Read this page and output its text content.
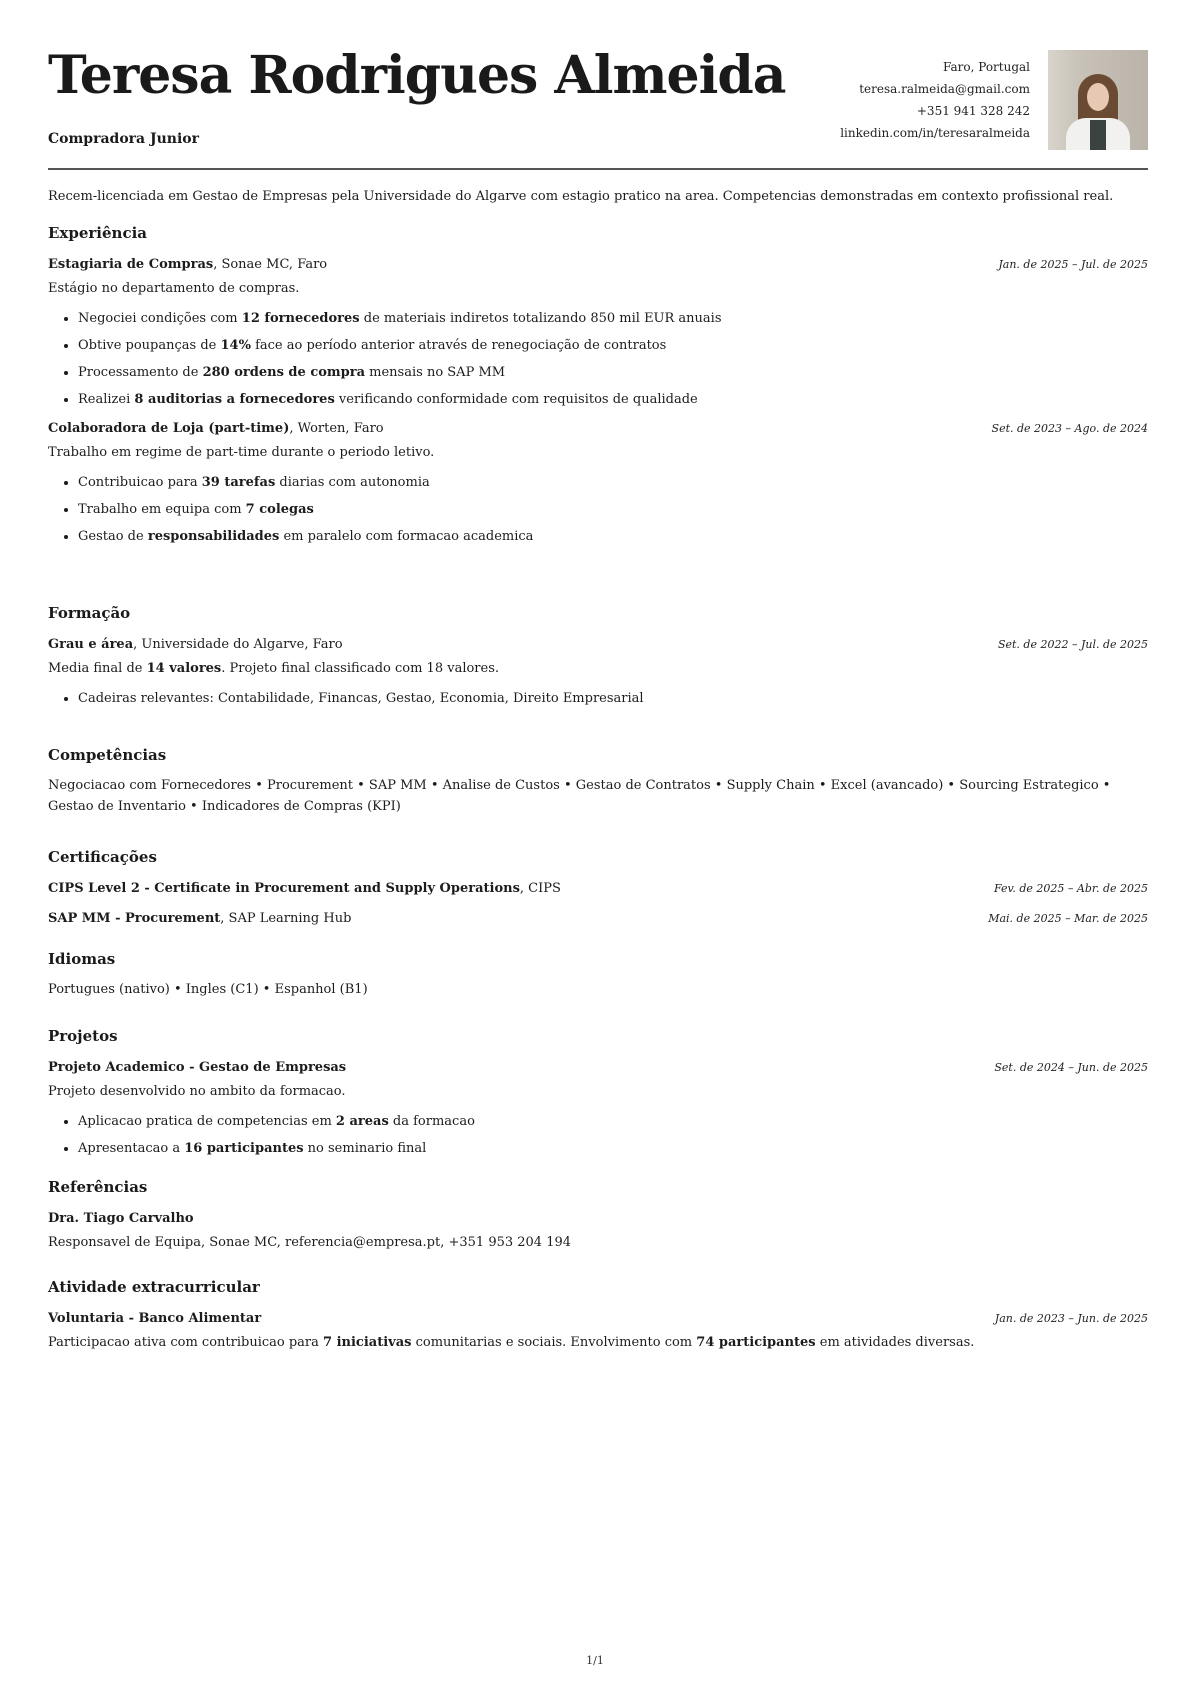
Teresa Rodrigues Almeida
Compradora Junior
Faro, Portugal
teresa.ralmeida@gmail.com
+351 941 328 242
linkedin.com/in/teresaralmeida
Recem-licenciada em Gestao de Empresas pela Universidade do Algarve com estagio pratico na area. Competencias demonstradas em contexto profissional real.
Experiência
Estagiaria de Compras, Sonae MC, Faro	Jan. de 2025 – Jul. de 2025
Estágio no departamento de compras.
Negociei condições com 12 fornecedores de materiais indiretos totalizando 850 mil EUR anuais
Obtive poupanças de 14% face ao período anterior através de renegociação de contratos
Processamento de 280 ordens de compra mensais no SAP MM
Realizei 8 auditorias a fornecedores verificando conformidade com requisitos de qualidade
Colaboradora de Loja (part-time), Worten, Faro	Set. de 2023 – Ago. de 2024
Trabalho em regime de part-time durante o periodo letivo.
Contribuicao para 39 tarefas diarias com autonomia
Trabalho em equipa com 7 colegas
Gestao de responsabilidades em paralelo com formacao academica
Formação
Grau e área, Universidade do Algarve, Faro	Set. de 2022 – Jul. de 2025
Media final de 14 valores. Projeto final classificado com 18 valores.
Cadeiras relevantes: Contabilidade, Financas, Gestao, Economia, Direito Empresarial
Competências
Negociacao com Fornecedores • Procurement • SAP MM • Analise de Custos • Gestao de Contratos • Supply Chain • Excel (avancado) • Sourcing Estrategico • Gestao de Inventario • Indicadores de Compras (KPI)
Certificações
CIPS Level 2 - Certificate in Procurement and Supply Operations, CIPS	Fev. de 2025 – Abr. de 2025
SAP MM - Procurement, SAP Learning Hub	Mai. de 2025 – Mar. de 2025
Idiomas
Portugues (nativo) • Ingles (C1) • Espanhol (B1)
Projetos
Projeto Academico - Gestao de Empresas	Set. de 2024 – Jun. de 2025
Projeto desenvolvido no ambito da formacao.
Aplicacao pratica de competencias em 2 areas da formacao
Apresentacao a 16 participantes no seminario final
Referências
Dra. Tiago Carvalho
Responsavel de Equipa, Sonae MC, referencia@empresa.pt, +351 953 204 194
Atividade extracurricular
Voluntaria - Banco Alimentar	Jan. de 2023 – Jun. de 2025
Participacao ativa com contribuicao para 7 iniciativas comunitarias e sociais. Envolvimento com 74 participantes em atividades diversas.
1/1
